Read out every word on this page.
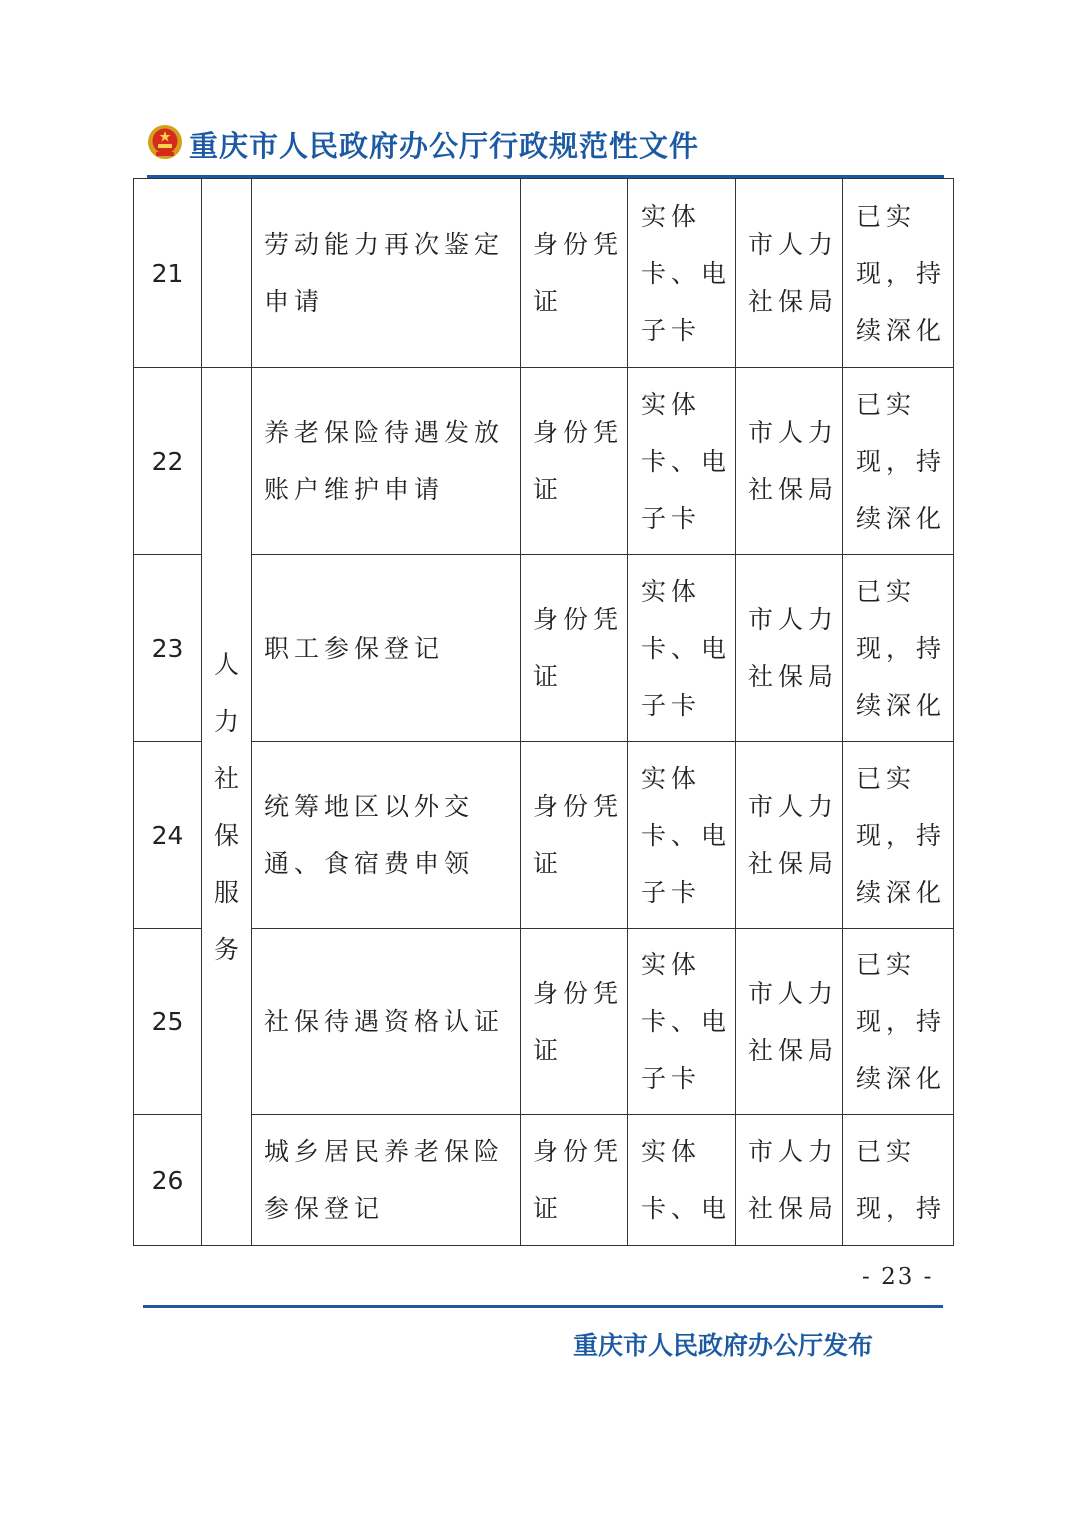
重庆市人民政府办公厅行政规范性文件
21		劳动能力再次鉴定申请	身份凭证	实体卡、电子卡	市人力社保局	已实现，持续深化

22	人力社保服务	养老保险待遇发放账户维护申请	身份凭证	实体卡、电子卡	市人力社保局	已实现，持续深化

23		职工参保登记	身份凭证	实体卡、电子卡	市人力社保局	已实现，持续深化

24		统筹地区以外交通、食宿费申领	身份凭证	实体卡、电子卡	市人力社保局	已实现，持续深化

25		社保待遇资格认证	身份凭证	实体卡、电子卡	市人力社保局	已实现，持续深化

26		城乡居民养老保险参保登记	身份凭证	实体卡、电	市人力社保局	已实现，持
- 23 -
重庆市人民政府办公厅发布
